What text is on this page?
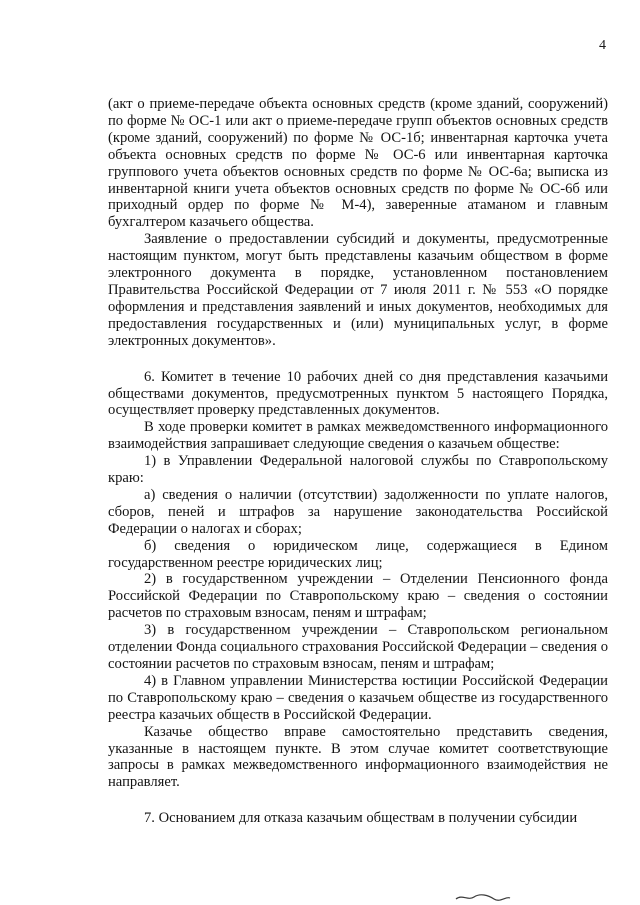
4

(акт о приеме-передаче объекта основных средств (кроме зданий, сооружений) по форме № ОС-1 или акт о приеме-передаче групп объектов основных средств (кроме зданий, сооружений) по форме № ОС-1б; инвентарная карточка учета объекта основных средств по форме № ОС-6 или инвентарная карточка группового учета объектов основных средств по форме № ОС-6а; выписка из инвентарной книги учета объектов основных средств по форме № ОС-6б или приходный ордер по форме № М-4), заверенные атаманом и главным бухгалтером казачьего общества.

Заявление о предоставлении субсидий и документы, предусмотренные настоящим пунктом, могут быть представлены казачьим обществом в форме электронного документа в порядке, установленном постановлением Правительства Российской Федерации от 7 июля 2011 г. № 553 «О порядке оформления и представления заявлений и иных документов, необходимых для предоставления государственных и (или) муниципальных услуг, в форме электронных документов».

6. Комитет в течение 10 рабочих дней со дня представления казачьими обществами документов, предусмотренных пунктом 5 настоящего Порядка, осуществляет проверку представленных документов.

В ходе проверки комитет в рамках межведомственного информационного взаимодействия запрашивает следующие сведения о казачьем обществе:

1) в Управлении Федеральной налоговой службы по Ставропольскому краю:

а) сведения о наличии (отсутствии) задолженности по уплате налогов, сборов, пеней и штрафов за нарушение законодательства Российской Федерации о налогах и сборах;

б) сведения о юридическом лице, содержащиеся в Едином государственном реестре юридических лиц;

2) в государственном учреждении – Отделении Пенсионного фонда Российской Федерации по Ставропольскому краю – сведения о состоянии расчетов по страховым взносам, пеням и штрафам;

3) в государственном учреждении – Ставропольском региональном отделении Фонда социального страхования Российской Федерации – сведения о состоянии расчетов по страховым взносам, пеням и штрафам;

4) в Главном управлении Министерства юстиции Российской Федерации по Ставропольскому краю – сведения о казачьем обществе из государственного реестра казачьих обществ в Российской Федерации.

Казачье общество вправе самостоятельно представить сведения, указанные в настоящем пункте. В этом случае комитет соответствующие запросы в рамках межведомственного информационного взаимодействия не направляет.

7. Основанием для отказа казачьим обществам в получении субсидии
